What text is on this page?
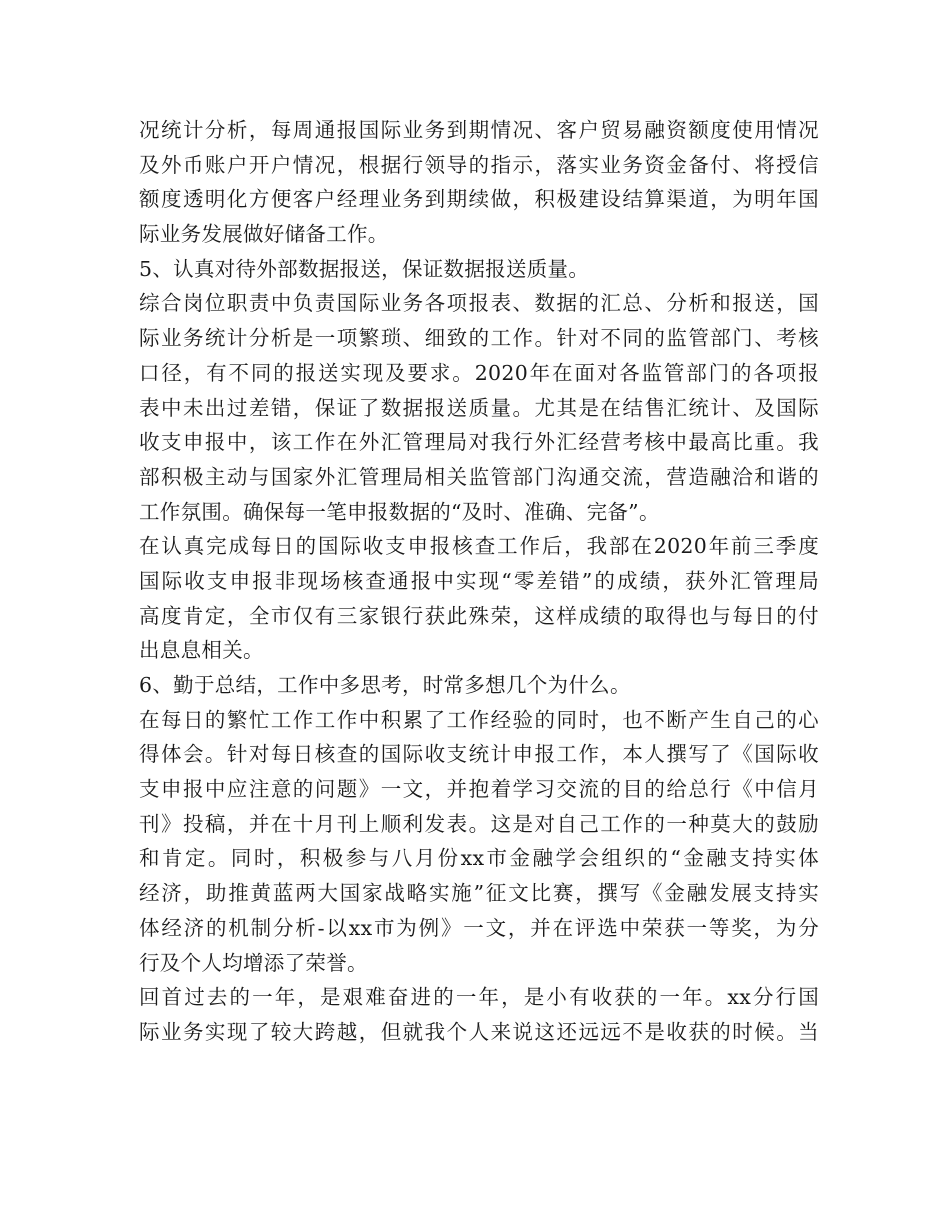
况统计分析，每周通报国际业务到期情况、客户贸易融资额度使用情况
及外币账户开户情况，根据行领导的指示，落实业务资金备付、将授信
额度透明化方便客户经理业务到期续做，积极建设结算渠道，为明年国
际业务发展做好储备工作。
5、认真对待外部数据报送，保证数据报送质量。
综合岗位职责中负责国际业务各项报表、数据的汇总、分析和报送，国
际业务统计分析是一项繁琐、细致的工作。针对不同的监管部门、考核
口径，有不同的报送实现及要求。2020年在面对各监管部门的各项报
表中未出过差错，保证了数据报送质量。尤其是在结售汇统计、及国际
收支申报中，该工作在外汇管理局对我行外汇经营考核中最高比重。我
部积极主动与国家外汇管理局相关监管部门沟通交流，营造融洽和谐的
工作氛围。确保每一笔申报数据的“及时、准确、完备”。
在认真完成每日的国际收支申报核查工作后，我部在2020年前三季度
国际收支申报非现场核查通报中实现“零差错”的成绩，获外汇管理局
高度肯定，全市仅有三家银行获此殊荣，这样成绩的取得也与每日的付
出息息相关。
6、勤于总结，工作中多思考，时常多想几个为什么。
在每日的繁忙工作工作中积累了工作经验的同时，也不断产生自己的心
得体会。针对每日核查的国际收支统计申报工作，本人撰写了《国际收
支申报中应注意的问题》一文，并抱着学习交流的目的给总行《中信月
刊》投稿，并在十月刊上顺利发表。这是对自己工作的一种莫大的鼓励
和肯定。同时，积极参与八月份xx市金融学会组织的“金融支持实体
经济，助推黄蓝两大国家战略实施”征文比赛，撰写《金融发展支持实
体经济的机制分析-以xx市为例》一文，并在评选中荣获一等奖，为分
行及个人均增添了荣誉。
回首过去的一年，是艰难奋进的一年，是小有收获的一年。xx分行国
际业务实现了较大跨越，但就我个人来说这还远远不是收获的时候。当
